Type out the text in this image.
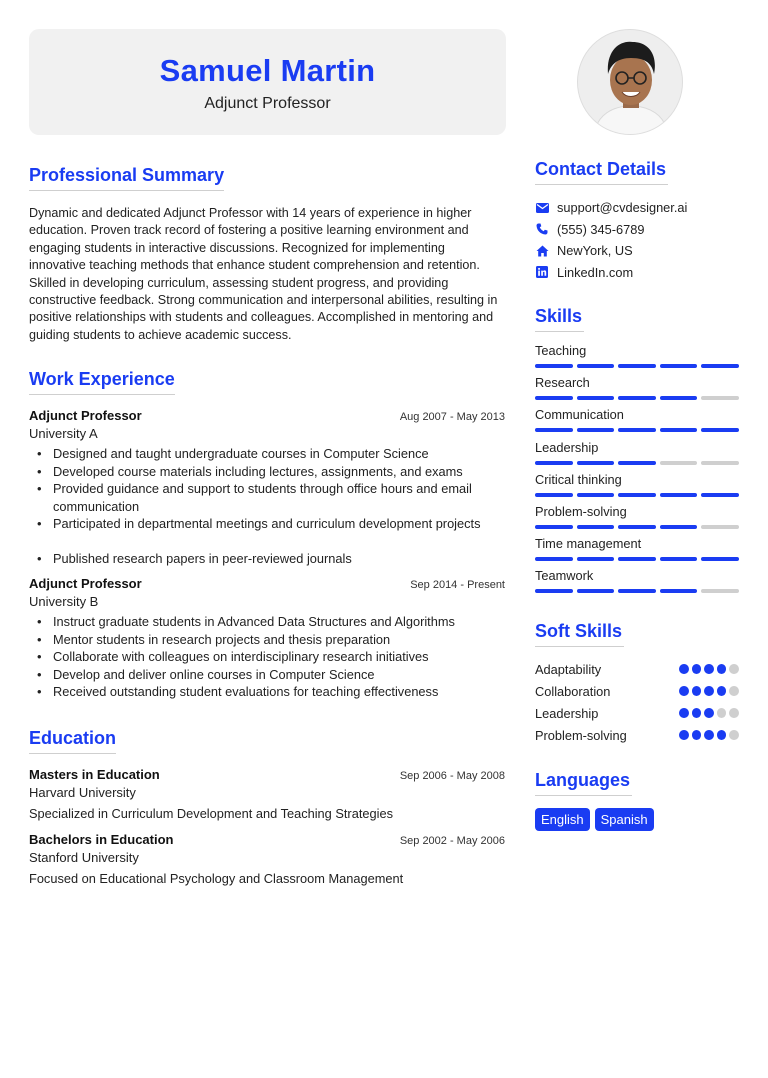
Samuel Martin
Adjunct Professor
Professional Summary

Dynamic and dedicated Adjunct Professor with 14 years of experience in higher education. Proven track record of fostering a positive learning environment and engaging students in interactive discussions. Recognized for implementing innovative teaching methods that enhance student comprehension and retention. Skilled in developing curriculum, assessing student progress, and providing constructive feedback. Strong communication and interpersonal abilities, resulting in positive relationships with students and colleagues. Accomplished in mentoring and guiding students to achieve academic success.

Work Experience
Adjunct Professor	Aug 2007 - May 2013
University A
• Designed and taught undergraduate courses in Computer Science
• Developed course materials including lectures, assignments, and exams
• Provided guidance and support to students through office hours and email communication
• Participated in departmental meetings and curriculum development projects
• Published research papers in peer-reviewed journals
Adjunct Professor	Sep 2014 - Present
University B
• Instruct graduate students in Advanced Data Structures and Algorithms
• Mentor students in research projects and thesis preparation
• Collaborate with colleagues on interdisciplinary research initiatives
• Develop and deliver online courses in Computer Science
• Received outstanding student evaluations for teaching effectiveness
Education
Masters in Education	Sep 2006 - May 2008
Harvard University
Specialized in Curriculum Development and Teaching Strategies
Bachelors in Education	Sep 2002 - May 2006
Stanford University
Focused on Educational Psychology and Classroom Management
Contact Details
support@cvdesigner.ai
(555) 345-6789
NewYork, US
LinkedIn.com
Skills
Teaching
Research
Communication
Leadership
Critical thinking
Problem-solving
Time management
Teamwork
Soft Skills
Adaptability
Collaboration
Leadership
Problem-solving
Languages
English	Spanish
